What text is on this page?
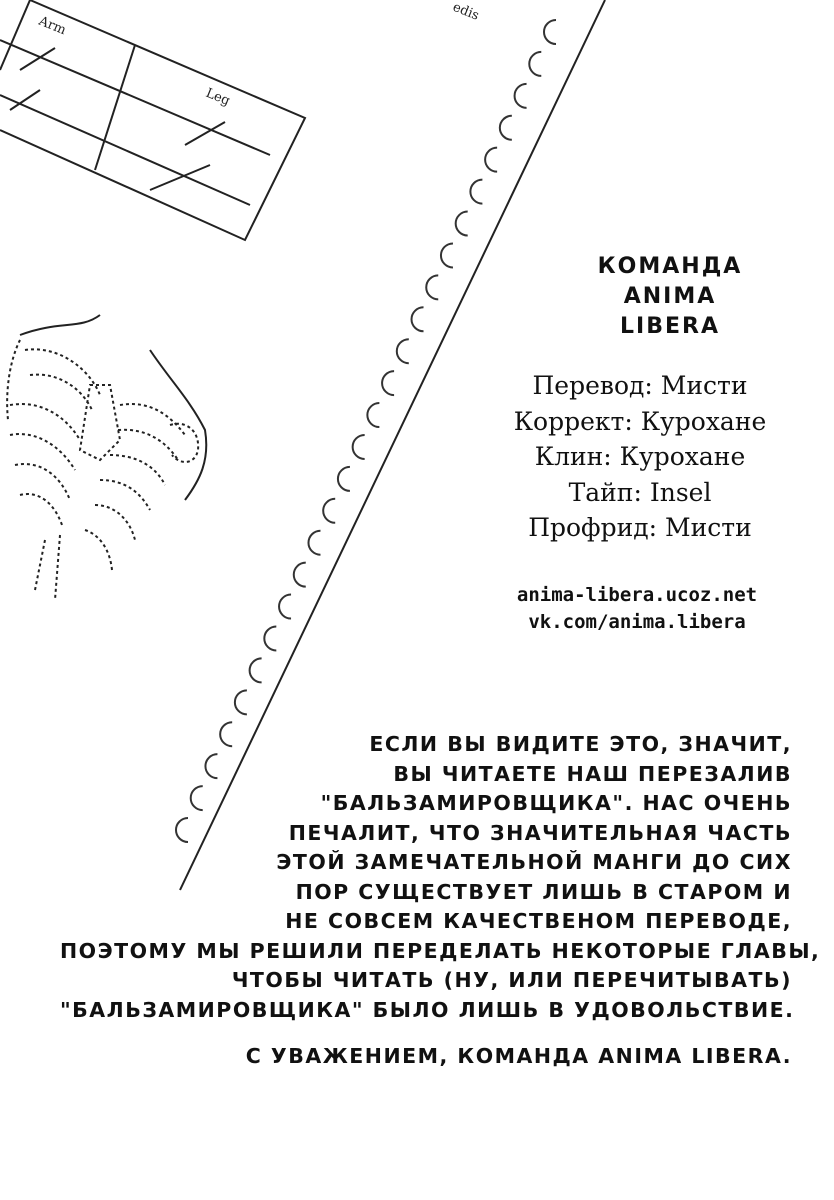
Arm
Leg
edis
КОМАНДА
ANIMA
LIBERA
Перевод: Мисти
Коррект: Курохане
Клин: Курохане
Тайп: Insel
Профрид: Мисти
anima-libera.ucoz.net
vk.com/anima.libera
ЕСЛИ ВЫ ВИДИТЕ ЭТО, ЗНАЧИТ,
ВЫ ЧИТАЕТЕ НАШ ПЕРЕЗАЛИВ
"БАЛЬЗАМИРОВЩИКА". НАС ОЧЕНЬ
ПЕЧАЛИТ, ЧТО ЗНАЧИТЕЛЬНАЯ ЧАСТЬ
ЭТОЙ ЗАМЕЧАТЕЛЬНОЙ МАНГИ ДО СИХ
ПОР СУЩЕСТВУЕТ ЛИШЬ В СТАРОМ И
НЕ СОВСЕМ КАЧЕСТВЕНОМ ПЕРЕВОДЕ,
ПОЭТОМУ МЫ РЕШИЛИ ПЕРЕДЕЛАТЬ НЕКОТОРЫЕ ГЛАВЫ,
ЧТОБЫ ЧИТАТЬ (НУ, ИЛИ ПЕРЕЧИТЫВАТЬ)
"БАЛЬЗАМИРОВЩИКА" БЫЛО ЛИШЬ В УДОВОЛЬСТВИЕ.
С УВАЖЕНИЕМ, КОМАНДА ANIMA LIBERA.
